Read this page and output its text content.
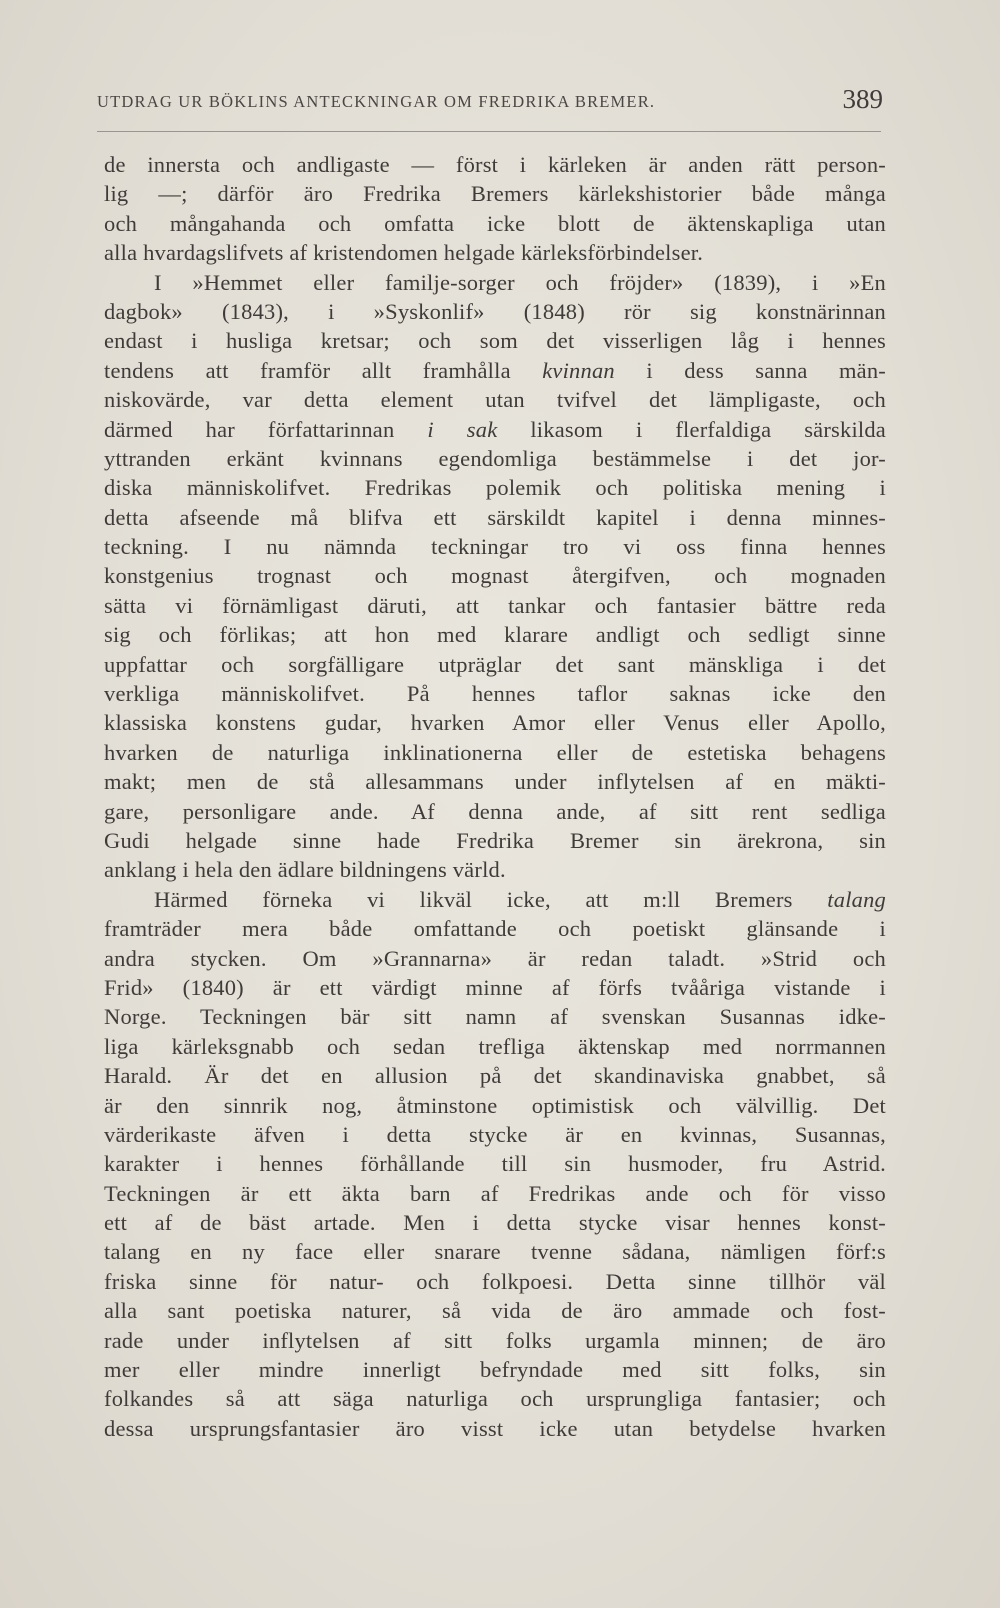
UTDRAG UR BÖKLINS ANTECKNINGAR OM FREDRIKA BREMER.	389
de innersta och andligaste — först i kärleken är anden rätt person-
lig —; därför äro Fredrika Bremers kärlekshistorier både många
och mångahanda och omfatta icke blott de äktenskapliga utan
alla hvardagslifvets af kristendomen helgade kärleksförbindelser.
I »Hemmet eller familje-sorger och fröjder» (1839), i »En
dagbok» (1843), i »Syskonlif» (1848) rör sig konstnärinnan
endast i husliga kretsar; och som det visserligen låg i hennes
tendens att framför allt framhålla kvinnan i dess sanna män-
niskovärde, var detta element utan tvifvel det lämpligaste, och
därmed har författarinnan i sak likasom i flerfaldiga särskilda
yttranden erkänt kvinnans egendomliga bestämmelse i det jor-
diska människolifvet. Fredrikas polemik och politiska mening i
detta afseende må blifva ett särskildt kapitel i denna minnes-
teckning. I nu nämnda teckningar tro vi oss finna hennes
konstgenius trognast och mognast återgifven, och mognaden
sätta vi förnämligast däruti, att tankar och fantasier bättre reda
sig och förlikas; att hon med klarare andligt och sedligt sinne
uppfattar och sorgfälligare utpräglar det sant mänskliga i det
verkliga människolifvet. På hennes taflor saknas icke den
klassiska konstens gudar, hvarken Amor eller Venus eller Apollo,
hvarken de naturliga inklinationerna eller de estetiska behagens
makt; men de stå allesammans under inflytelsen af en mäkti-
gare, personligare ande. Af denna ande, af sitt rent sedliga
Gudi helgade sinne hade Fredrika Bremer sin ärekrona, sin
anklang i hela den ädlare bildningens värld.
Härmed förneka vi likväl icke, att m:ll Bremers talang
framträder mera både omfattande och poetiskt glänsande i
andra stycken. Om »Grannarna» är redan taladt. »Strid och
Frid» (1840) är ett värdigt minne af förfs tvååriga vistande i
Norge. Teckningen bär sitt namn af svenskan Susannas idke-
liga kärleksgnabb och sedan trefliga äktenskap med norrmannen
Harald. Är det en allusion på det skandinaviska gnabbet, så
är den sinnrik nog, åtminstone optimistisk och välvillig. Det
värderikaste äfven i detta stycke är en kvinnas, Susannas,
karakter i hennes förhållande till sin husmoder, fru Astrid.
Teckningen är ett äkta barn af Fredrikas ande och för visso
ett af de bäst artade. Men i detta stycke visar hennes konst-
talang en ny face eller snarare tvenne sådana, nämligen förf:s
friska sinne för natur- och folkpoesi. Detta sinne tillhör väl
alla sant poetiska naturer, så vida de äro ammade och fost-
rade under inflytelsen af sitt folks urgamla minnen; de äro
mer eller mindre innerligt befryndade med sitt folks, sin
folkandes så att säga naturliga och ursprungliga fantasier; och
dessa ursprungsfantasier äro visst icke utan betydelse hvarken
